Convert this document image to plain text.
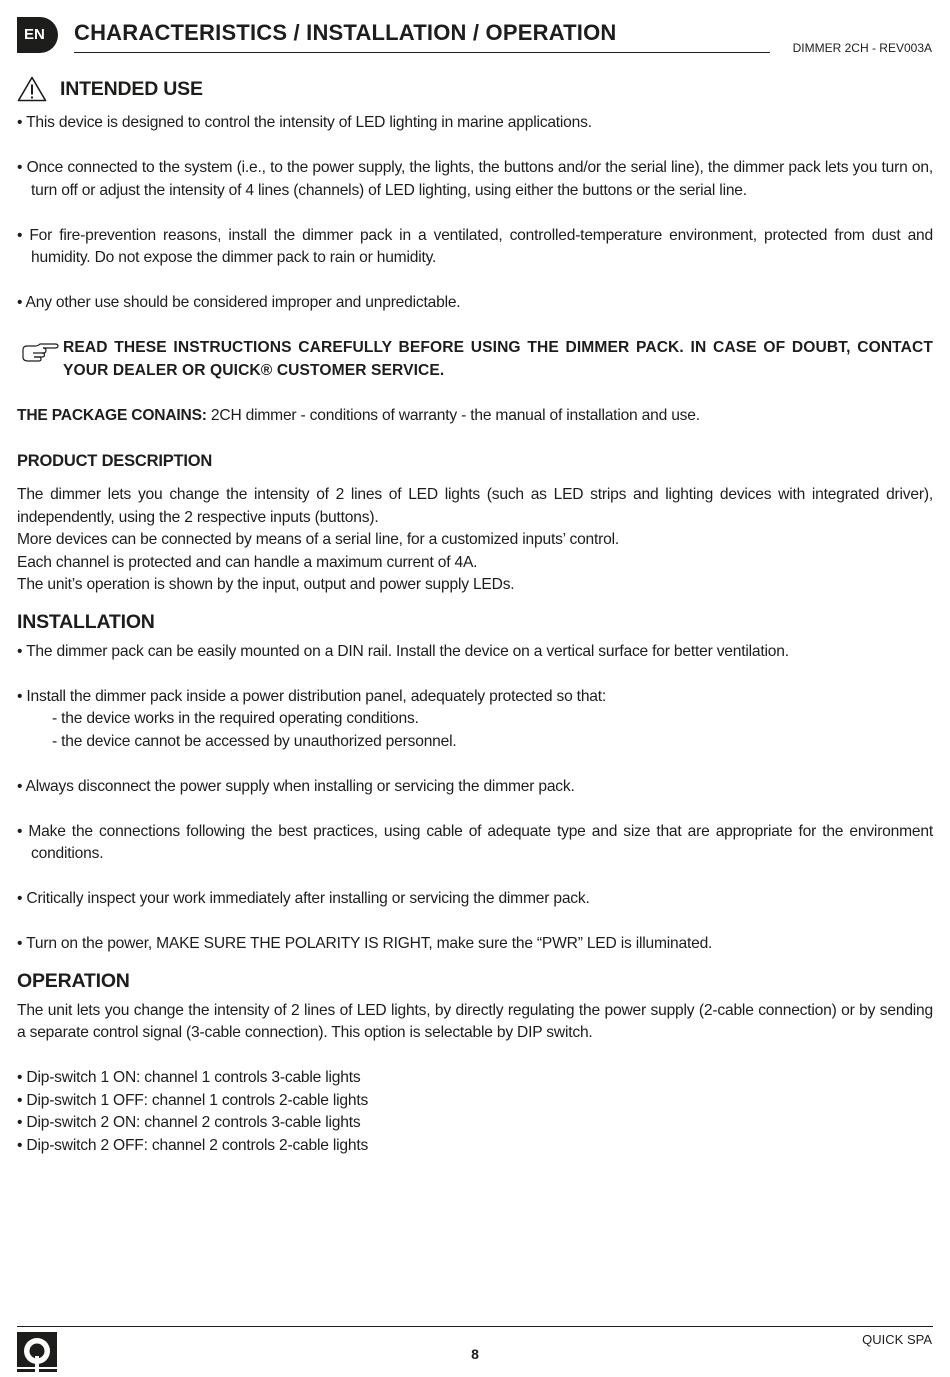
EN	CHARACTERISTICS / INSTALLATION / OPERATION
DIMMER 2CH - REV003A
INTENDED USE

• This device is designed to control the intensity of LED lighting in marine applications.

• Once connected to the system (i.e., to the power supply, the lights, the buttons and/or the serial line), the dimmer pack lets you turn on, turn off or adjust the intensity of 4 lines (channels) of LED lighting, using either the buttons or the serial line.

• For fire-prevention reasons, install the dimmer pack in a ventilated, controlled-temperature environment, protected from dust and humidity. Do not expose the dimmer pack to rain or humidity.

• Any other use should be considered improper and unpredictable.

READ THESE INSTRUCTIONS CAREFULLY BEFORE USING THE DIMMER PACK. IN CASE OF DOUBT, CONTACT YOUR DEALER OR QUICK® CUSTOMER SERVICE.

THE PACKAGE CONAINS: 2CH dimmer - conditions of warranty - the manual of installation and use.

PRODUCT DESCRIPTION

The dimmer lets you change the intensity of 2 lines of LED lights (such as LED strips and lighting devices with integrated driver), independently, using the 2 respective inputs (buttons).

More devices can be connected by means of a serial line, for a customized inputs’ control.

Each channel is protected and can handle a maximum current of 4A.

The unit’s operation is shown by the input, output and power supply LEDs.

INSTALLATION

• The dimmer pack can be easily mounted on a DIN rail. Install the device on a vertical surface for better ventilation.

• Install the dimmer pack inside a power distribution panel, adequately protected so that:

- the device works in the required operating conditions.

- the device cannot be accessed by unauthorized personnel.

• Always disconnect the power supply when installing or servicing the dimmer pack.

• Make the connections following the best practices, using cable of adequate type and size that are appropriate for the environment conditions.

• Critically inspect your work immediately after installing or servicing the dimmer pack.

• Turn on the power, MAKE SURE THE POLARITY IS RIGHT, make sure the “PWR” LED is illuminated.

OPERATION

The unit lets you change the intensity of 2 lines of LED lights, by directly regulating the power supply (2-cable connection) or by sending a separate control signal (3-cable connection). This option is selectable by DIP switch.

• Dip-switch 1 ON: channel 1 controls 3-cable lights

• Dip-switch 1 OFF: channel 1 controls 2-cable lights

• Dip-switch 2 ON: channel 2 controls 3-cable lights

• Dip-switch 2 OFF: channel 2 controls 2-cable lights

8
QUICK SPA
